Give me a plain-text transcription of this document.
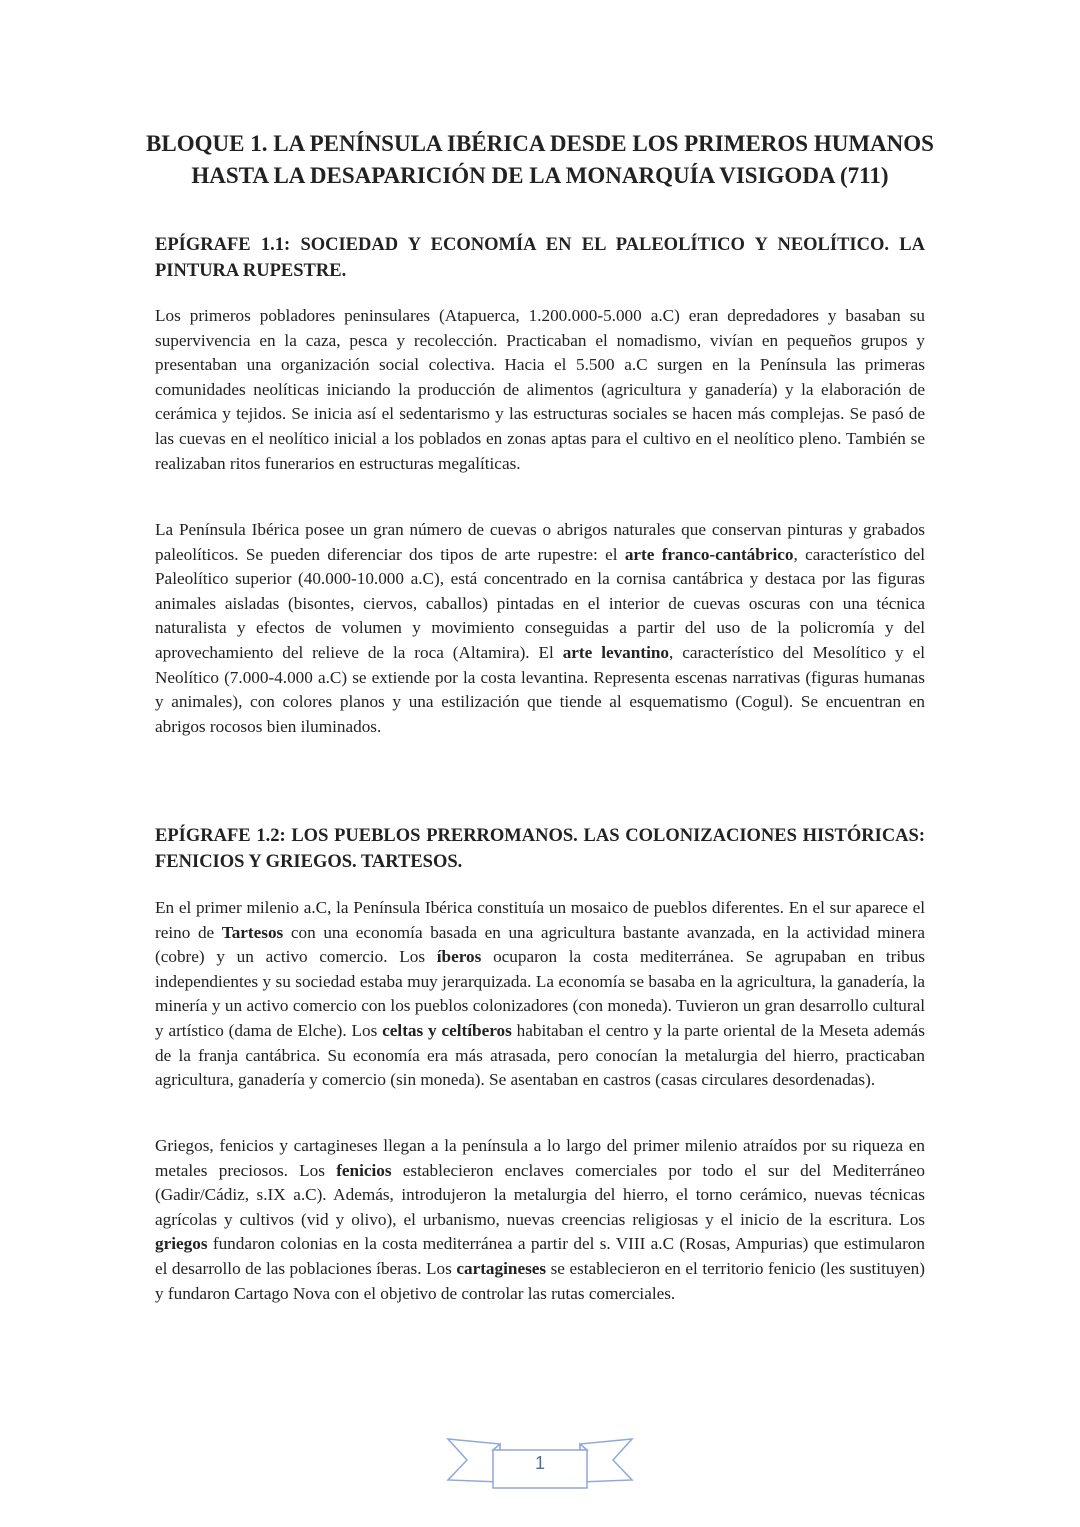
BLOQUE 1. LA PENÍNSULA IBÉRICA DESDE LOS PRIMEROS HUMANOS
HASTA LA DESAPARICIÓN DE LA MONARQUÍA VISIGODA (711)
EPÍGRAFE 1.1: SOCIEDAD Y ECONOMÍA EN EL PALEOLÍTICO Y NEOLÍTICO. LA PINTURA RUPESTRE.
Los primeros pobladores peninsulares (Atapuerca, 1.200.000-5.000 a.C) eran depredadores y basaban su supervivencia en la caza, pesca y recolección. Practicaban el nomadismo, vivían en pequeños grupos y presentaban una organización social colectiva. Hacia el 5.500 a.C surgen en la Península las primeras comunidades neolíticas iniciando la producción de alimentos (agricultura y ganadería) y la elaboración de cerámica y tejidos. Se inicia así el sedentarismo y las estructuras sociales se hacen más complejas. Se pasó de las cuevas en el neolítico inicial a los poblados en zonas aptas para el cultivo en el neolítico pleno. También se realizaban ritos funerarios en estructuras megalíticas.
La Península Ibérica posee un gran número de cuevas o abrigos naturales que conservan pinturas y grabados paleolíticos. Se pueden diferenciar dos tipos de arte rupestre: el arte franco-cantábrico, característico del Paleolítico superior (40.000-10.000 a.C), está concentrado en la cornisa cantábrica y destaca por las figuras animales aisladas (bisontes, ciervos, caballos) pintadas en el interior de cuevas oscuras con una técnica naturalista y efectos de volumen y movimiento conseguidas a partir del uso de la policromía y del aprovechamiento del relieve de la roca (Altamira). El arte levantino, característico del Mesolítico y el Neolítico (7.000-4.000 a.C) se extiende por la costa levantina. Representa escenas narrativas (figuras humanas y animales), con colores planos y una estilización que tiende al esquematismo (Cogul). Se encuentran en abrigos rocosos bien iluminados.
EPÍGRAFE 1.2: LOS PUEBLOS PRERROMANOS. LAS COLONIZACIONES HISTÓRICAS: FENICIOS Y GRIEGOS. TARTESOS.
En el primer milenio a.C, la Península Ibérica constituía un mosaico de pueblos diferentes. En el sur aparece el reino de Tartesos con una economía basada en una agricultura bastante avanzada, en la actividad minera (cobre) y un activo comercio. Los íberos ocuparon la costa mediterránea. Se agrupaban en tribus independientes y su sociedad estaba muy jerarquizada. La economía se basaba en la agricultura, la ganadería, la minería y un activo comercio con los pueblos colonizadores (con moneda). Tuvieron un gran desarrollo cultural y artístico (dama de Elche). Los celtas y celtíberos habitaban el centro y la parte oriental de la Meseta además de la franja cantábrica. Su economía era más atrasada, pero conocían la metalurgia del hierro, practicaban agricultura, ganadería y comercio (sin moneda). Se asentaban en castros (casas circulares desordenadas).
Griegos, fenicios y cartagineses llegan a la península a lo largo del primer milenio atraídos por su riqueza en metales preciosos. Los fenicios establecieron enclaves comerciales por todo el sur del Mediterráneo (Gadir/Cádiz, s.IX a.C). Además, introdujeron la metalurgia del hierro, el torno cerámico, nuevas técnicas agrícolas y cultivos (vid y olivo), el urbanismo, nuevas creencias religiosas y el inicio de la escritura. Los griegos fundaron colonias en la costa mediterránea a partir del s. VIII a.C (Rosas, Ampurias) que estimularon el desarrollo de las poblaciones íberas. Los cartagineses se establecieron en el territorio fenicio (les sustituyen) y fundaron Cartago Nova con el objetivo de controlar las rutas comerciales.
1
